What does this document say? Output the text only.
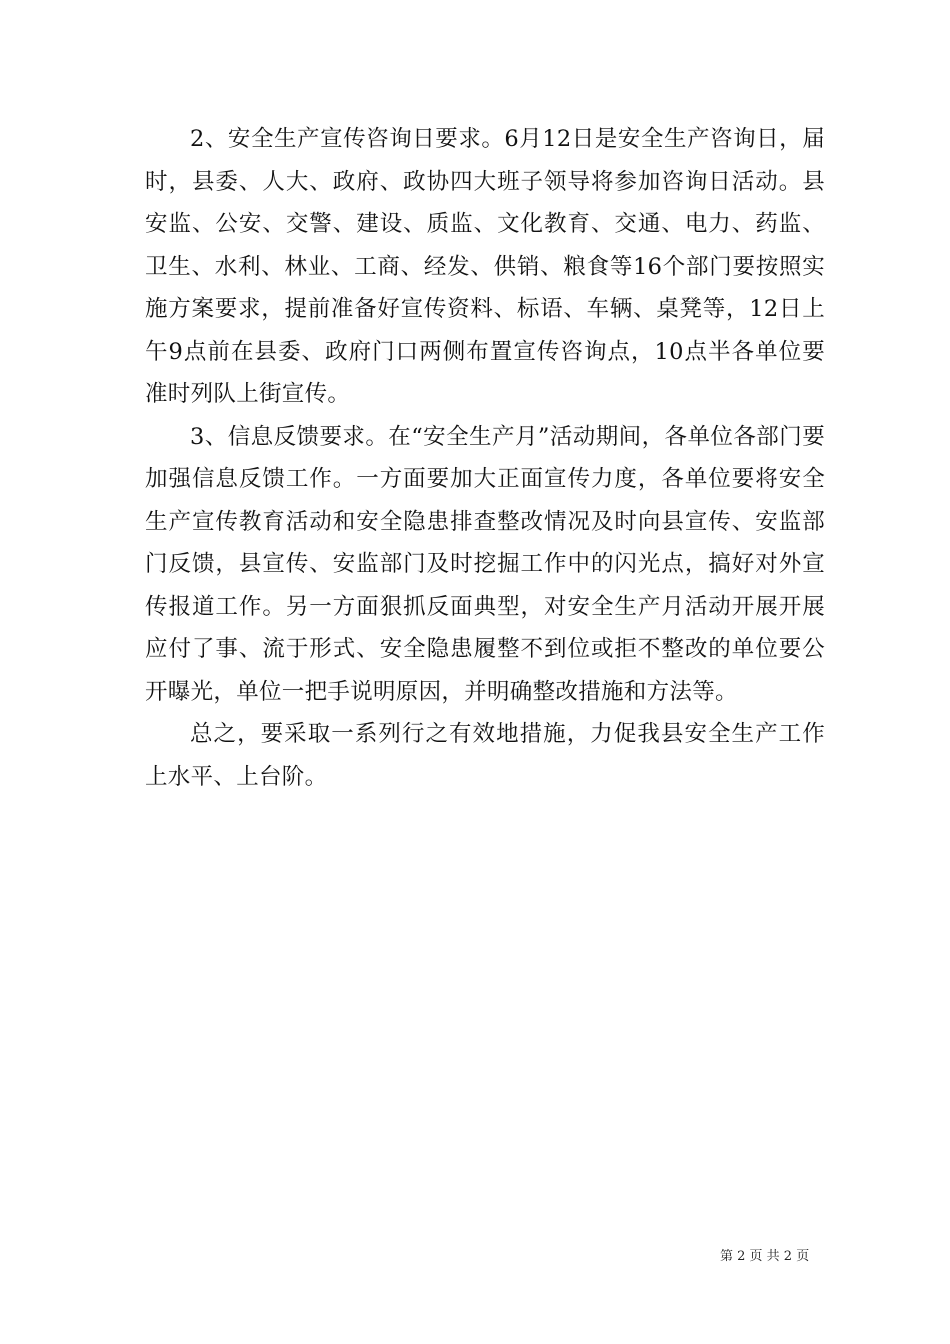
2、安全生产宣传咨询日要求。6月12日是安全生产咨询日，届时，县委、人大、政府、政协四大班子领导将参加咨询日活动。县安监、公安、交警、建设、质监、文化教育、交通、电力、药监、卫生、水利、林业、工商、经发、供销、粮食等16个部门要按照实施方案要求，提前准备好宣传资料、标语、车辆、桌凳等，12日上午9点前在县委、政府门口两侧布置宣传咨询点，10点半各单位要准时列队上街宣传。

3、信息反馈要求。在“安全生产月”活动期间，各单位各部门要加强信息反馈工作。一方面要加大正面宣传力度，各单位要将安全生产宣传教育活动和安全隐患排查整改情况及时向县宣传、安监部门反馈，县宣传、安监部门及时挖掘工作中的闪光点，搞好对外宣传报道工作。另一方面狠抓反面典型，对安全生产月活动开展开展应付了事、流于形式、安全隐患履整不到位或拒不整改的单位要公开曝光，单位一把手说明原因，并明确整改措施和方法等。

总之，要采取一系列行之有效地措施，力促我县安全生产工作上水平、上台阶。

第 2 页 共 2 页
